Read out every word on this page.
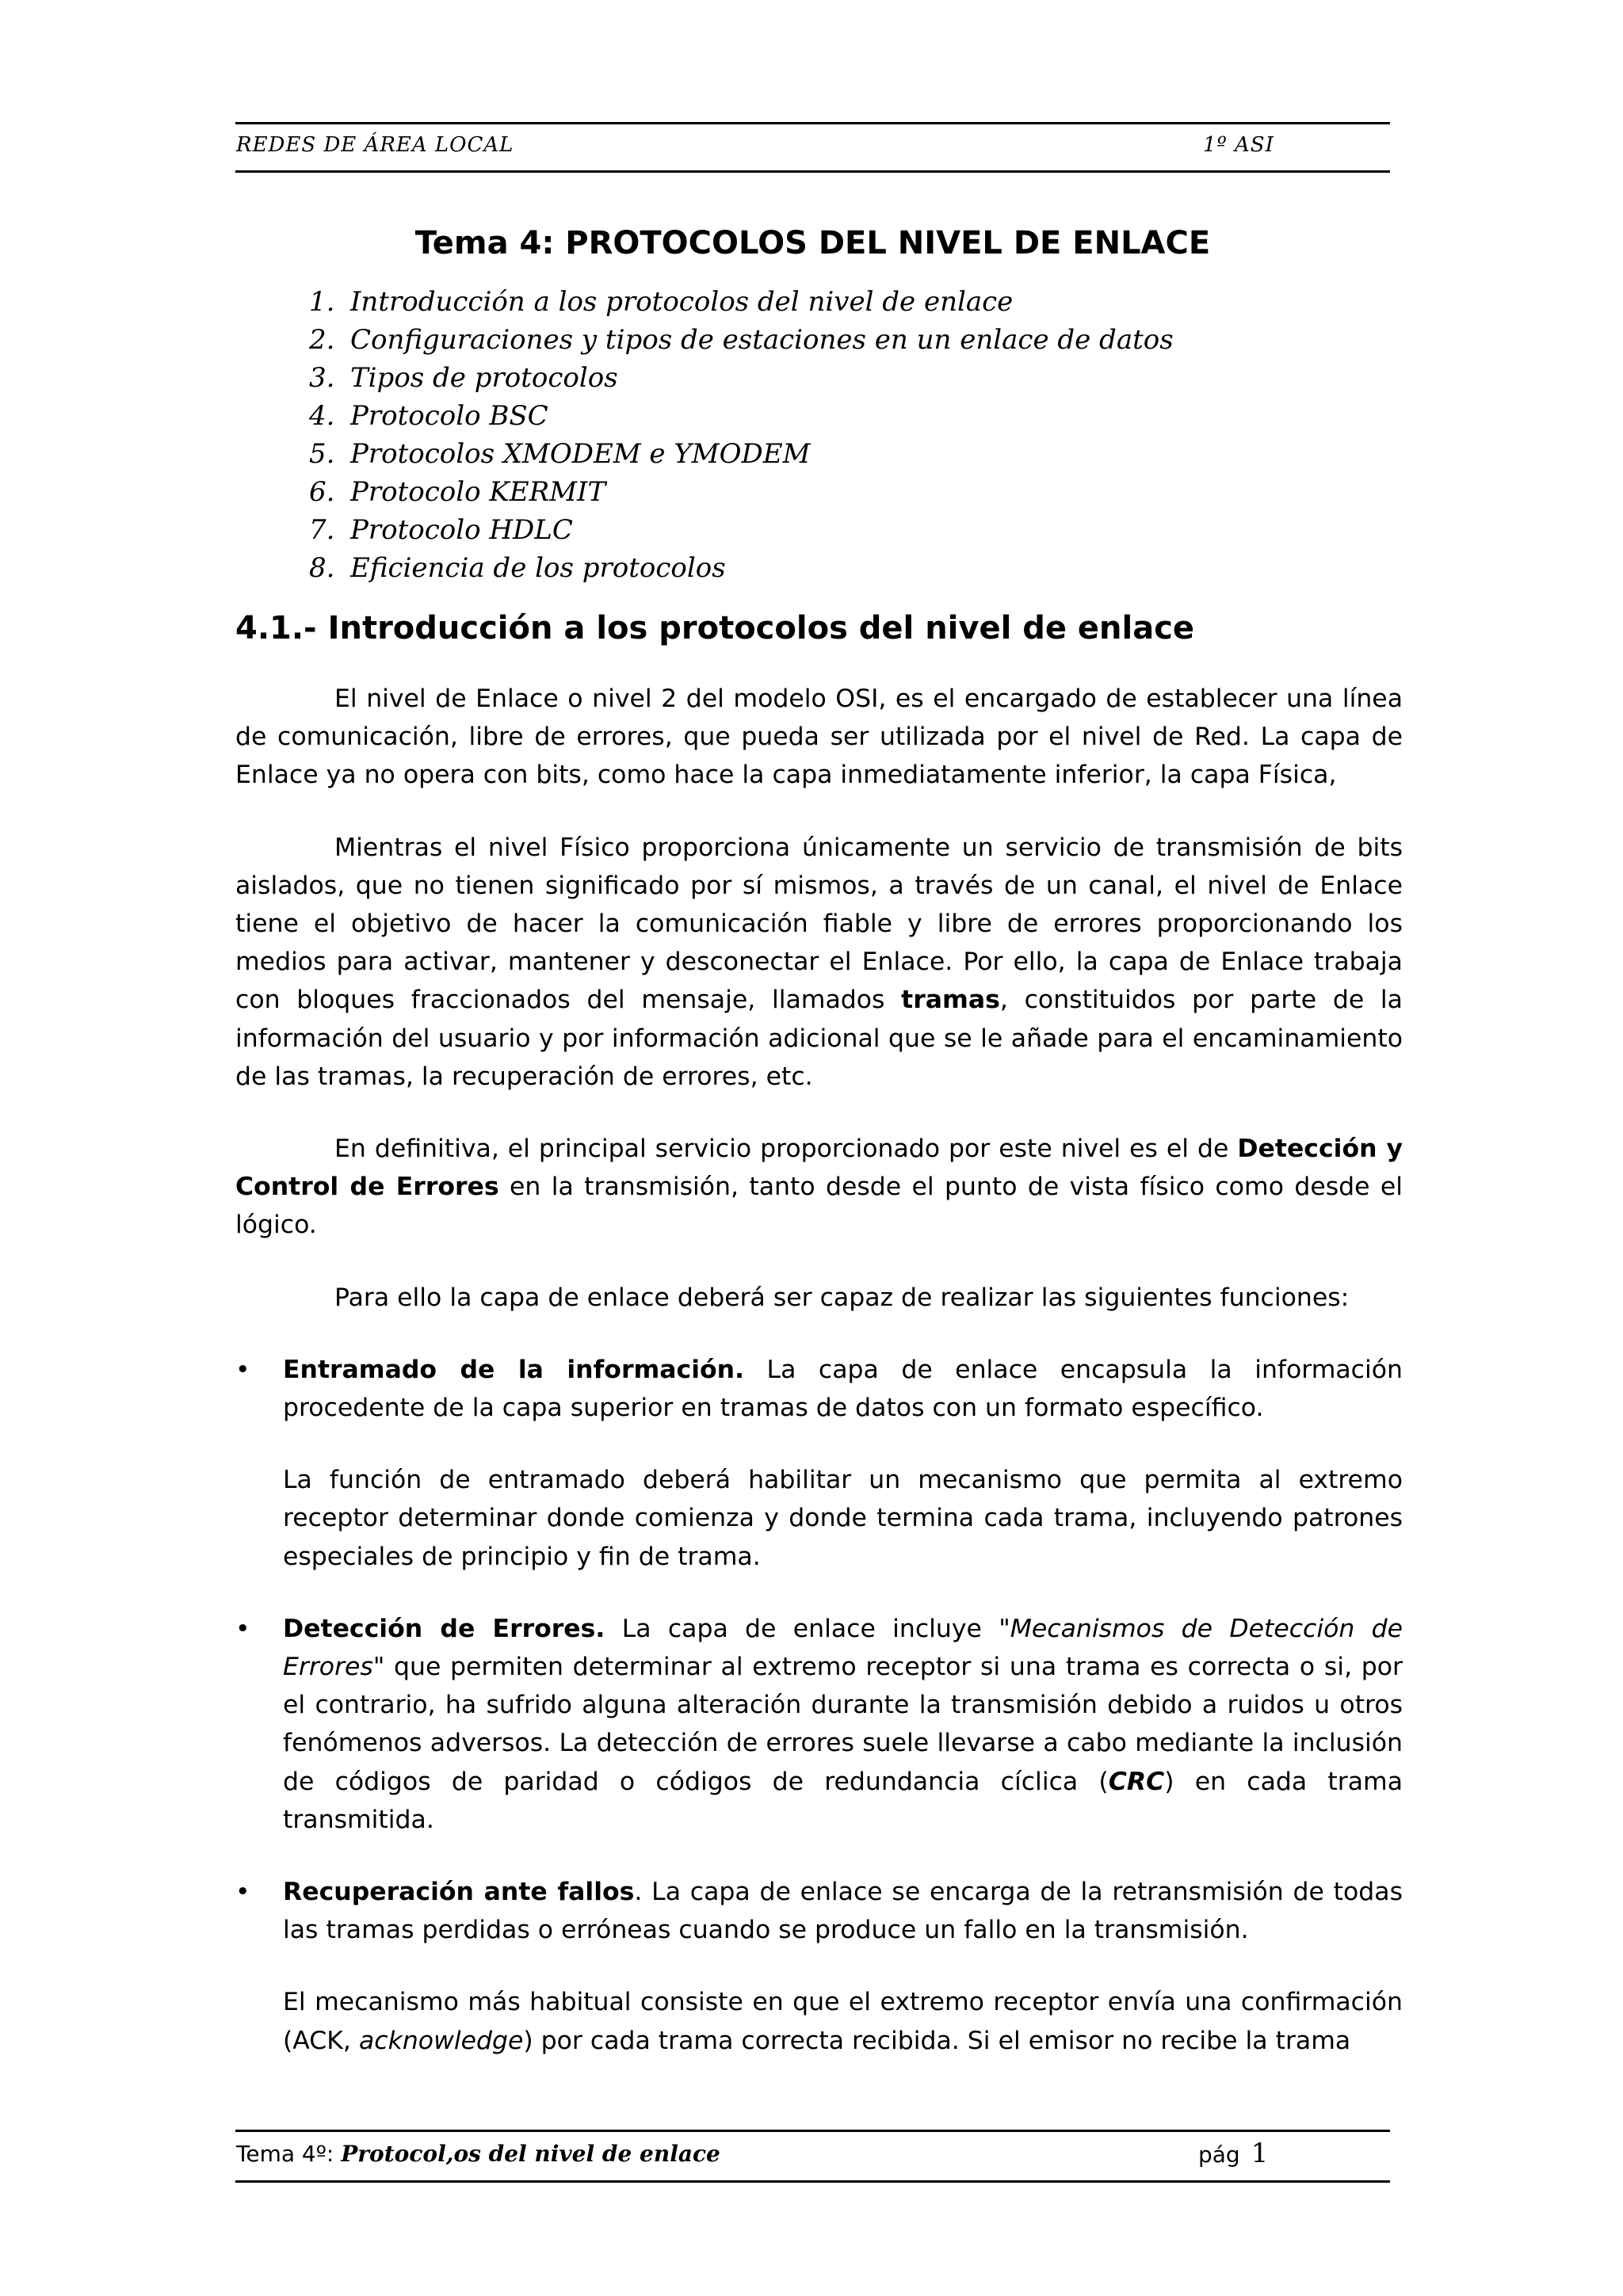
REDES DE ÁREA LOCAL	1º ASI
Tema 4: PROTOCOLOS DEL NIVEL DE ENLACE
1. Introducción a los protocolos del nivel de enlace
2. Configuraciones y tipos de estaciones en un enlace de datos
3. Tipos de protocolos
4. Protocolo BSC
5. Protocolos XMODEM e YMODEM
6. Protocolo KERMIT
7. Protocolo HDLC
8. Eficiencia de los protocolos
4.1.- Introducción a los protocolos del nivel de enlace

El nivel de Enlace o nivel 2 del modelo OSI, es el encargado de establecer una línea de comunicación, libre de errores, que pueda ser utilizada por el nivel de Red. La capa de Enlace ya no opera con bits, como hace la capa inmediatamente inferior, la capa Física,

Mientras el nivel Físico proporciona únicamente un servicio de transmisión de bits aislados, que no tienen significado por sí mismos, a través de un canal, el nivel de Enlace tiene el objetivo de hacer la comunicación fiable y libre de errores proporcionando los medios para activar, mantener y desconectar el Enlace. Por ello, la capa de Enlace trabaja con bloques fraccionados del mensaje, llamados tramas, constituidos por parte de la información del usuario y por información adicional que se le añade para el encaminamiento de las tramas, la recuperación de errores, etc.

En definitiva, el principal servicio proporcionado por este nivel es el de Detección y Control de Errores en la transmisión, tanto desde el punto de vista físico como desde el lógico.

Para ello la capa de enlace deberá ser capaz de realizar las siguientes funciones:

•	Entramado de la información. La capa de enlace encapsula la información procedente de la capa superior en tramas de datos con un formato específico.

La función de entramado deberá habilitar un mecanismo que permita al extremo receptor determinar donde comienza y donde termina cada trama, incluyendo patrones especiales de principio y fin de trama.

•	Detección de Errores. La capa de enlace incluye "Mecanismos de Detección de Errores" que permiten determinar al extremo receptor si una trama es correcta o si, por el contrario, ha sufrido alguna alteración durante la transmisión debido a ruidos u otros fenómenos adversos. La detección de errores suele llevarse a cabo mediante la inclusión de códigos de paridad o códigos de redundancia cíclica (CRC) en cada trama transmitida.

•	Recuperación ante fallos. La capa de enlace se encarga de la retransmisión de todas las tramas perdidas o erróneas cuando se produce un fallo en la transmisión.

El mecanismo más habitual consiste en que el extremo receptor envía una confirmación (ACK, acknowledge) por cada trama correcta recibida. Si el emisor no recibe la trama

Tema 4º: Protocol,os del nivel de enlace	pág 1
